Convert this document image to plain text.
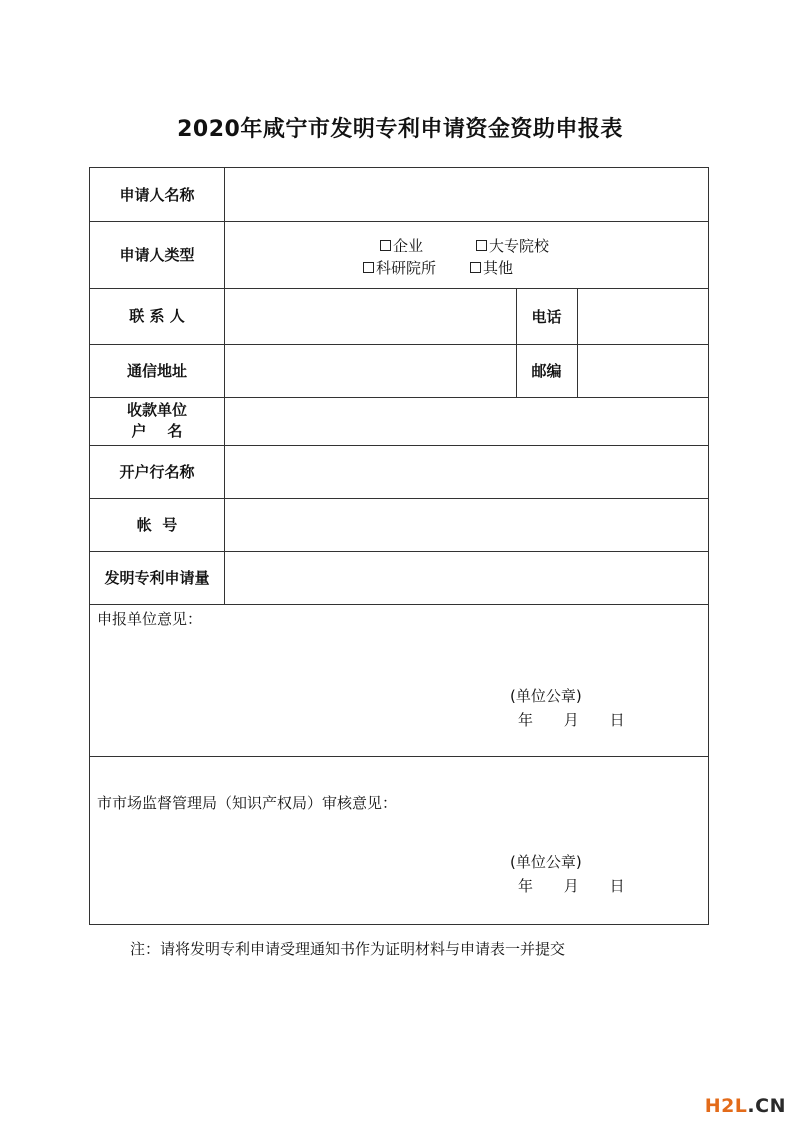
2020年咸宁市发明专利申请资金资助申报表
申请人名称
申请人类型	企业	大专院校
科研院所	其他
联 系 人	电话
通信地址	邮编
收款单位
户    名
开户行名称
帐  号
发明专利申请量
申报单位意见：
(单位公章)
年 月 日
市市场监督管理局（知识产权局）审核意见：
(单位公章)
年 月 日
注：请将发明专利申请受理通知书作为证明材料与申请表一并提交
H2L.CN
